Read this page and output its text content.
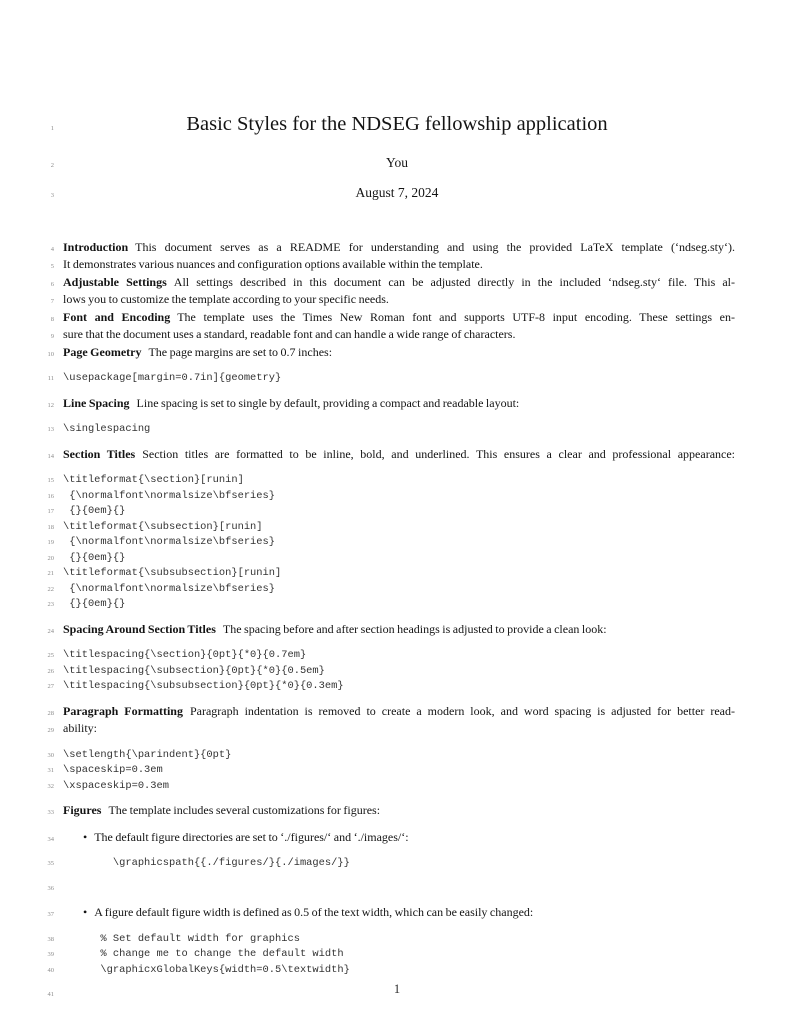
1	Basic Styles for the NDSEG fellowship application
2	You
3	August 7, 2024
4 Introduction This document serves as a README for understanding and using the provided LaTeX template (‘ndseg.sty‘).
5 It demonstrates various nuances and configuration options available within the template.
6 Adjustable Settings All settings described in this document can be adjusted directly in the included ‘ndseg.sty‘ file. This al-
7 lows you to customize the template according to your specific needs.
8 Font and Encoding The template uses the Times New Roman font and supports UTF-8 input encoding. These settings en-
9 sure that the document uses a standard, readable font and can handle a wide range of characters.
10 Page Geometry The page margins are set to 0.7 inches:
11 \usepackage[margin=0.7in]{geometry}
12 Line Spacing Line spacing is set to single by default, providing a compact and readable layout:
13 \singlespacing
14 Section Titles Section titles are formatted to be inline, bold, and underlined. This ensures a clear and professional appearance:
15 \titleformat{\section}[runin]
16 {\normalfont\normalsize\bfseries}
17 {}{0em}{}
18 \titleformat{\subsection}[runin]
19 {\normalfont\normalsize\bfseries}
20 {}{0em}{}
21 \titleformat{\subsubsection}[runin]
22 {\normalfont\normalsize\bfseries}
23 {}{0em}{}
24 Spacing Around Section Titles The spacing before and after section headings is adjusted to provide a clean look:
25 \titlespacing{\section}{0pt}{*0}{0.7em}
26 \titlespacing{\subsection}{0pt}{*0}{0.5em}
27 \titlespacing{\subsubsection}{0pt}{*0}{0.3em}
28 Paragraph Formatting Paragraph indentation is removed to create a modern look, and word spacing is adjusted for better read-
29 ability:
30 \setlength{\parindent}{0pt}
31 \spaceskip=0.3em
32 \xspaceskip=0.3em
33 Figures The template includes several customizations for figures:
34	• The default figure directories are set to ‘./figures/‘ and ‘./images/‘:
35 \graphicspath{{./figures/}{./images/}}
36
37	• A figure default figure width is defined as 0.5 of the text width, which can be easily changed:
38 % Set default width for graphics
39 % change me to change the default width
40 \graphicxGlobalKeys{width=0.5\textwidth}
41	1
